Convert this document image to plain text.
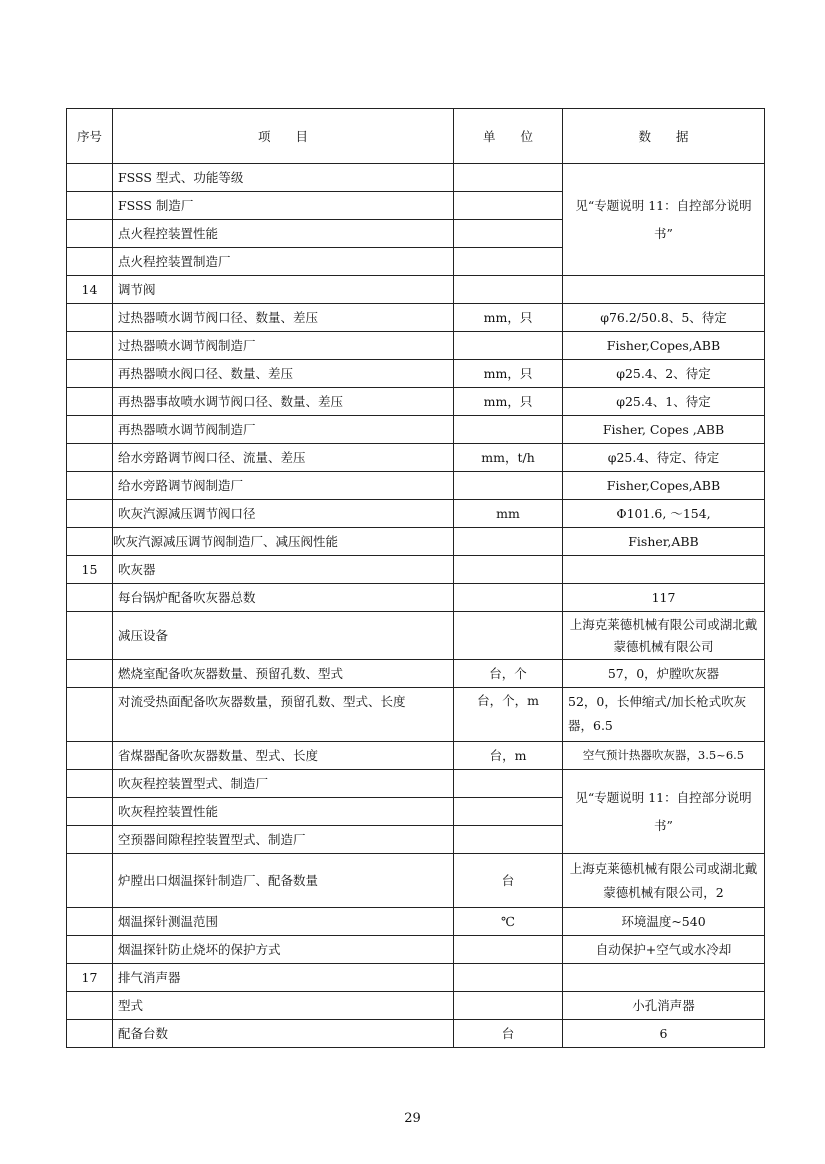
序号	项　　目	单　　位	数　　据
	FSSS 型式、功能等级		见“专题说明 11：自控部分说明书”
	FSSS 制造厂		
	点火程控装置性能		
	点火程控装置制造厂		
14	调节阀		
	过热器喷水调节阀口径、数量、差压	mm，只	φ76.2/50.8、5、待定
	过热器喷水调节阀制造厂		Fisher,Copes,ABB
	再热器喷水阀口径、数量、差压	mm，只	φ25.4、2、待定
	再热器事故喷水调节阀口径、数量、差压	mm，只	φ25.4、1、待定
	再热器喷水调节阀制造厂		Fisher, Copes ,ABB
	给水旁路调节阀口径、流量、差压	mm，t/h	φ25.4、待定、待定
	给水旁路调节阀制造厂		Fisher,Copes,ABB
	吹灰汽源减压调节阀口径	mm	Φ101.6, ～154,
	吹灰汽源减压调节阀制造厂、减压阀性能		Fisher,ABB
15	吹灰器		
	每台锅炉配备吹灰器总数		117
	减压设备		上海克莱德机械有限公司或湖北戴蒙德机械有限公司
	燃烧室配备吹灰器数量、预留孔数、型式	台，个	57，0，炉膛吹灰器
	对流受热面配备吹灰器数量，预留孔数、型式、长度	台，个，m	52，0，长伸缩式/加长枪式吹灰器，6.5
	省煤器配备吹灰器数量、型式、长度	台，m	空气预计热器吹灰器，3.5~6.5
	吹灰程控装置型式、制造厂		见“专题说明 11：自控部分说明书”
	吹灰程控装置性能		
	空预器间隙程控装置型式、制造厂		
	炉膛出口烟温探针制造厂、配备数量	台	上海克莱德机械有限公司或湖北戴蒙德机械有限公司，2
	烟温探针测温范围	℃	环境温度~540
	烟温探针防止烧坏的保护方式		自动保护+空气或水冷却
17	排气消声器		
	型式		小孔消声器
	配备台数	台	6
29
